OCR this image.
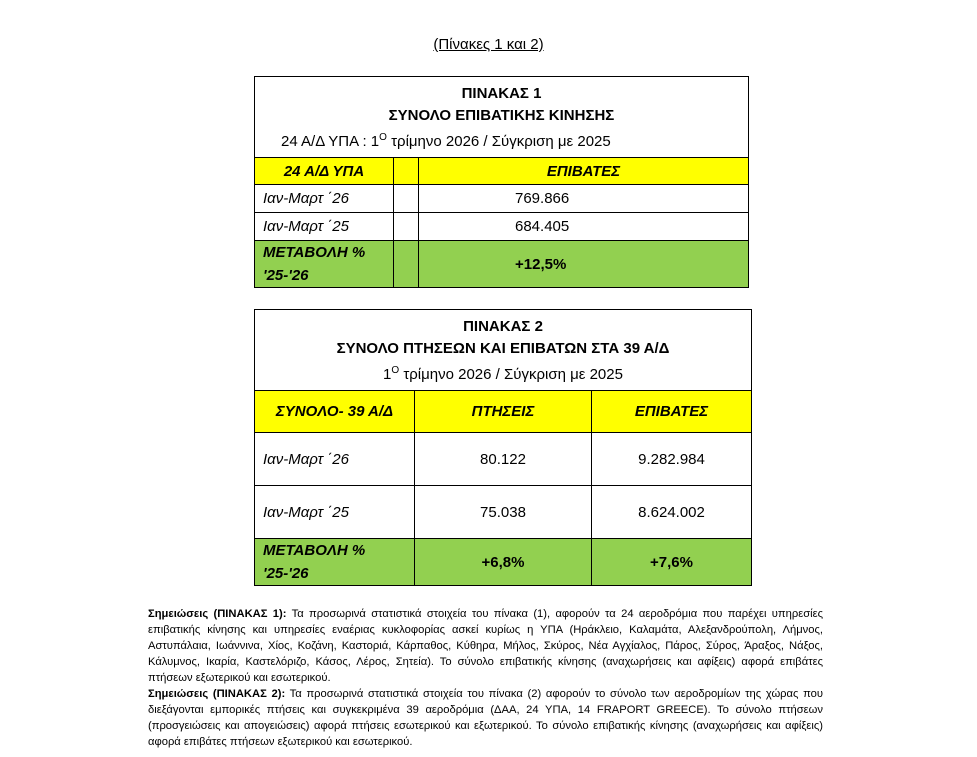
(Πίνακες 1 και 2)
ΠΙΝΑΚΑΣ 1
ΣΥΝΟΛΟ ΕΠΙΒΑΤΙΚΗΣ ΚΙΝΗΣΗΣ
24 Α/Δ ΥΠΑ : $1^O$ τρίμηνο 2026 / Σύγκριση με 2025		

24 Α/Δ ΥΠΑ		ΕΠΙΒΑΤΕΣ
Ιαν-Μαρτ ΄26		769.866
Ιαν-Μαρτ ΄25		684.405

ΜΕΤΑΒΟΛΗ %
'25-'26		+12,5%
ΠΙΝΑΚΑΣ 2
ΣΥΝΟΛΟ ΠΤΗΣΕΩΝ ΚΑΙ ΕΠΙΒΑΤΩΝ ΣΤΑ 39 Α/Δ
$1^O$ τρίμηνο 2026 / Σύγκριση με 2025		

ΣΥΝΟΛΟ- 39 Α/Δ	ΠΤΗΣΕΙΣ	ΕΠΙΒΑΤΕΣ
Ιαν-Μαρτ ΄26	80.122	9.282.984
Ιαν-Μαρτ ΄25	75.038	8.624.002

ΜΕΤΑΒΟΛΗ %
'25-'26	+6,8%	+7,6%

Σημειώσεις (ΠΙΝΑΚΑΣ 1): Τα προσωρινά στατιστικά στοιχεία του πίνακα (1), αφορούν τα 24 αεροδρόμια που παρέχει υπηρεσίες επιβατικής κίνησης και υπηρεσίες εναέριας κυκλοφορίας ασκεί κυρίως η ΥΠΑ (Ηράκλειο, Καλαμάτα, Αλεξανδρούπολη, Λήμνος, Αστυπάλαια, Ιωάννινα, Χίος, Κοζάνη, Καστοριά, Κάρπαθος, Κύθηρα, Μήλος, Σκύρος, Νέα Αγχίαλος, Πάρος, Σύρος, Άραξος, Νάξος, Κάλυμνος, Ικαρία, Καστελόριζο, Κάσος, Λέρος, Σητεία). Το σύνολο επιβατικής κίνησης (αναχωρήσεις και αφίξεις) αφορά επιβάτες πτήσεων εξωτερικού και εσωτερικού.

Σημειώσεις (ΠΙΝΑΚΑΣ 2): Τα προσωρινά στατιστικά στοιχεία του πίνακα (2) αφορούν το σύνολο των αεροδρομίων της χώρας που διεξάγονται εμπορικές πτήσεις και συγκεκριμένα 39 αεροδρόμια (ΔΑΑ, 24 ΥΠΑ, 14 FRAPORT GREECE). Το σύνολο πτήσεων (προσγειώσεις και απογειώσεις) αφορά πτήσεις εσωτερικού και εξωτερικού. Το σύνολο επιβατικής κίνησης (αναχωρήσεις και αφίξεις) αφορά επιβάτες πτήσεων εξωτερικού και εσωτερικού.
